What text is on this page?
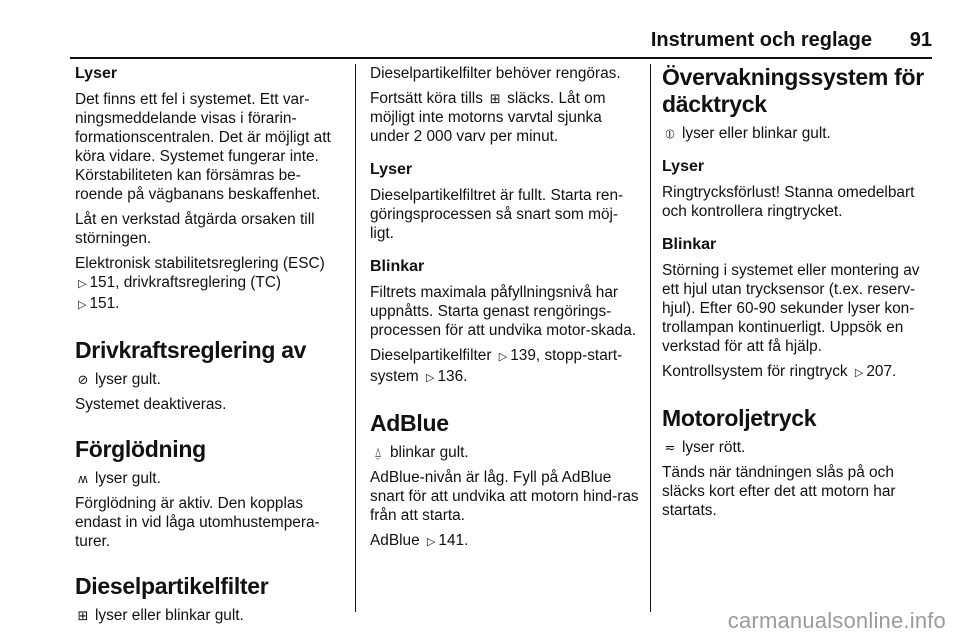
Instrument och reglage 91
Lyser

Det finns ett fel i systemet. Ett var-ningsmeddelande visas i förarin-formationscentralen. Det är möjligt att köra vidare. Systemet fungerar inte. Körstabiliteten kan försämras be-roende på vägbanans beskaffenhet.

Låt en verkstad åtgärda orsaken till störningen.

Elektronisk stabilitetsreglering (ESC)
▷ 151, drivkraftsreglering (TC)
▷ 151.

Drivkraftsreglering av

⊘ lyser gult.

Systemet deaktiveras.

Förglödning

ʍ lyser gult.

Förglödning är aktiv. Den kopplas endast in vid låga utomhustempera-turer.

Dieselpartikelfilter

⊞ lyser eller blinkar gult.

Dieselpartikelfilter behöver rengöras.

Fortsätt köra tills ⊞ släcks. Låt om möjligt inte motorns varvtal sjunka under 2 000 varv per minut.

Lyser

Dieselpartikelfiltret är fullt. Starta ren-göringsprocessen så snart som möj-ligt.

Blinkar

Filtrets maximala påfyllningsnivå har uppnåtts. Starta genast rengörings-processen för att undvika motor-skada.

Dieselpartikelfilter ▷ 139, stopp-start-system ▷ 136.

AdBlue

⍙ blinkar gult.

AdBlue-nivån är låg. Fyll på AdBlue snart för att undvika att motorn hind-ras från att starta.

AdBlue ▷ 141.

Övervakningssystem för däcktryck

⦶ lyser eller blinkar gult.

Lyser

Ringtrycksförlust! Stanna omedelbart och kontrollera ringtrycket.

Blinkar

Störning i systemet eller montering av ett hjul utan trycksensor (t.ex. reserv-hjul). Efter 60-90 sekunder lyser kon-trollampan kontinuerligt. Uppsök en verkstad för att få hjälp.

Kontrollsystem för ringtryck ▷ 207.

Motoroljetryck

≂ lyser rött.

Tänds när tändningen slås på och släcks kort efter det att motorn har startats.

carmanualsonline.info
